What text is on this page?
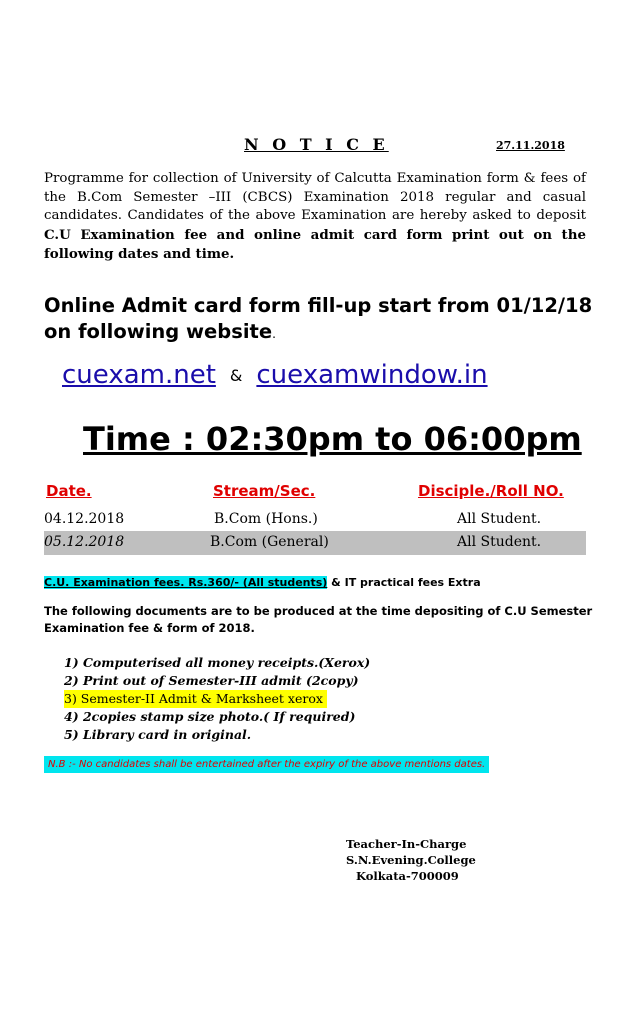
N O T I C E	27.11.2018
Programme for collection of University of Calcutta Examination form & fees of the B.Com Semester –III (CBCS) Examination 2018 regular and casual candidates. Candidates of the above Examination are hereby asked to deposit C.U Examination fee and online admit card form print out on the following dates and time.
Online Admit card form fill-up start from 01/12/18 on following website.
cuexam.net & cuexamwindow.in
Time : 02:30pm to 06:00pm
Date.	Stream/Sec.	Disciple./Roll NO.
04.12.2018	B.Com (Hons.)	All Student.
05.12.2018	B.Com (General)	All Student.
C.U. Examination fees. Rs.360/- (All students) & IT practical fees Extra
The following documents are to be produced at the time depositing of C.U Semester Examination fee & form of 2018.
1) Computerised all money receipts.(Xerox)
2) Print out of Semester-III admit (2copy)
3) Semester-II Admit & Marksheet xerox
4) 2copies stamp size photo.( If required)
5) Library card in original.
N.B :- No candidates shall be entertained after the expiry of the above mentions dates.
Teacher-In-Charge
S.N.Evening.College
Kolkata-700009
